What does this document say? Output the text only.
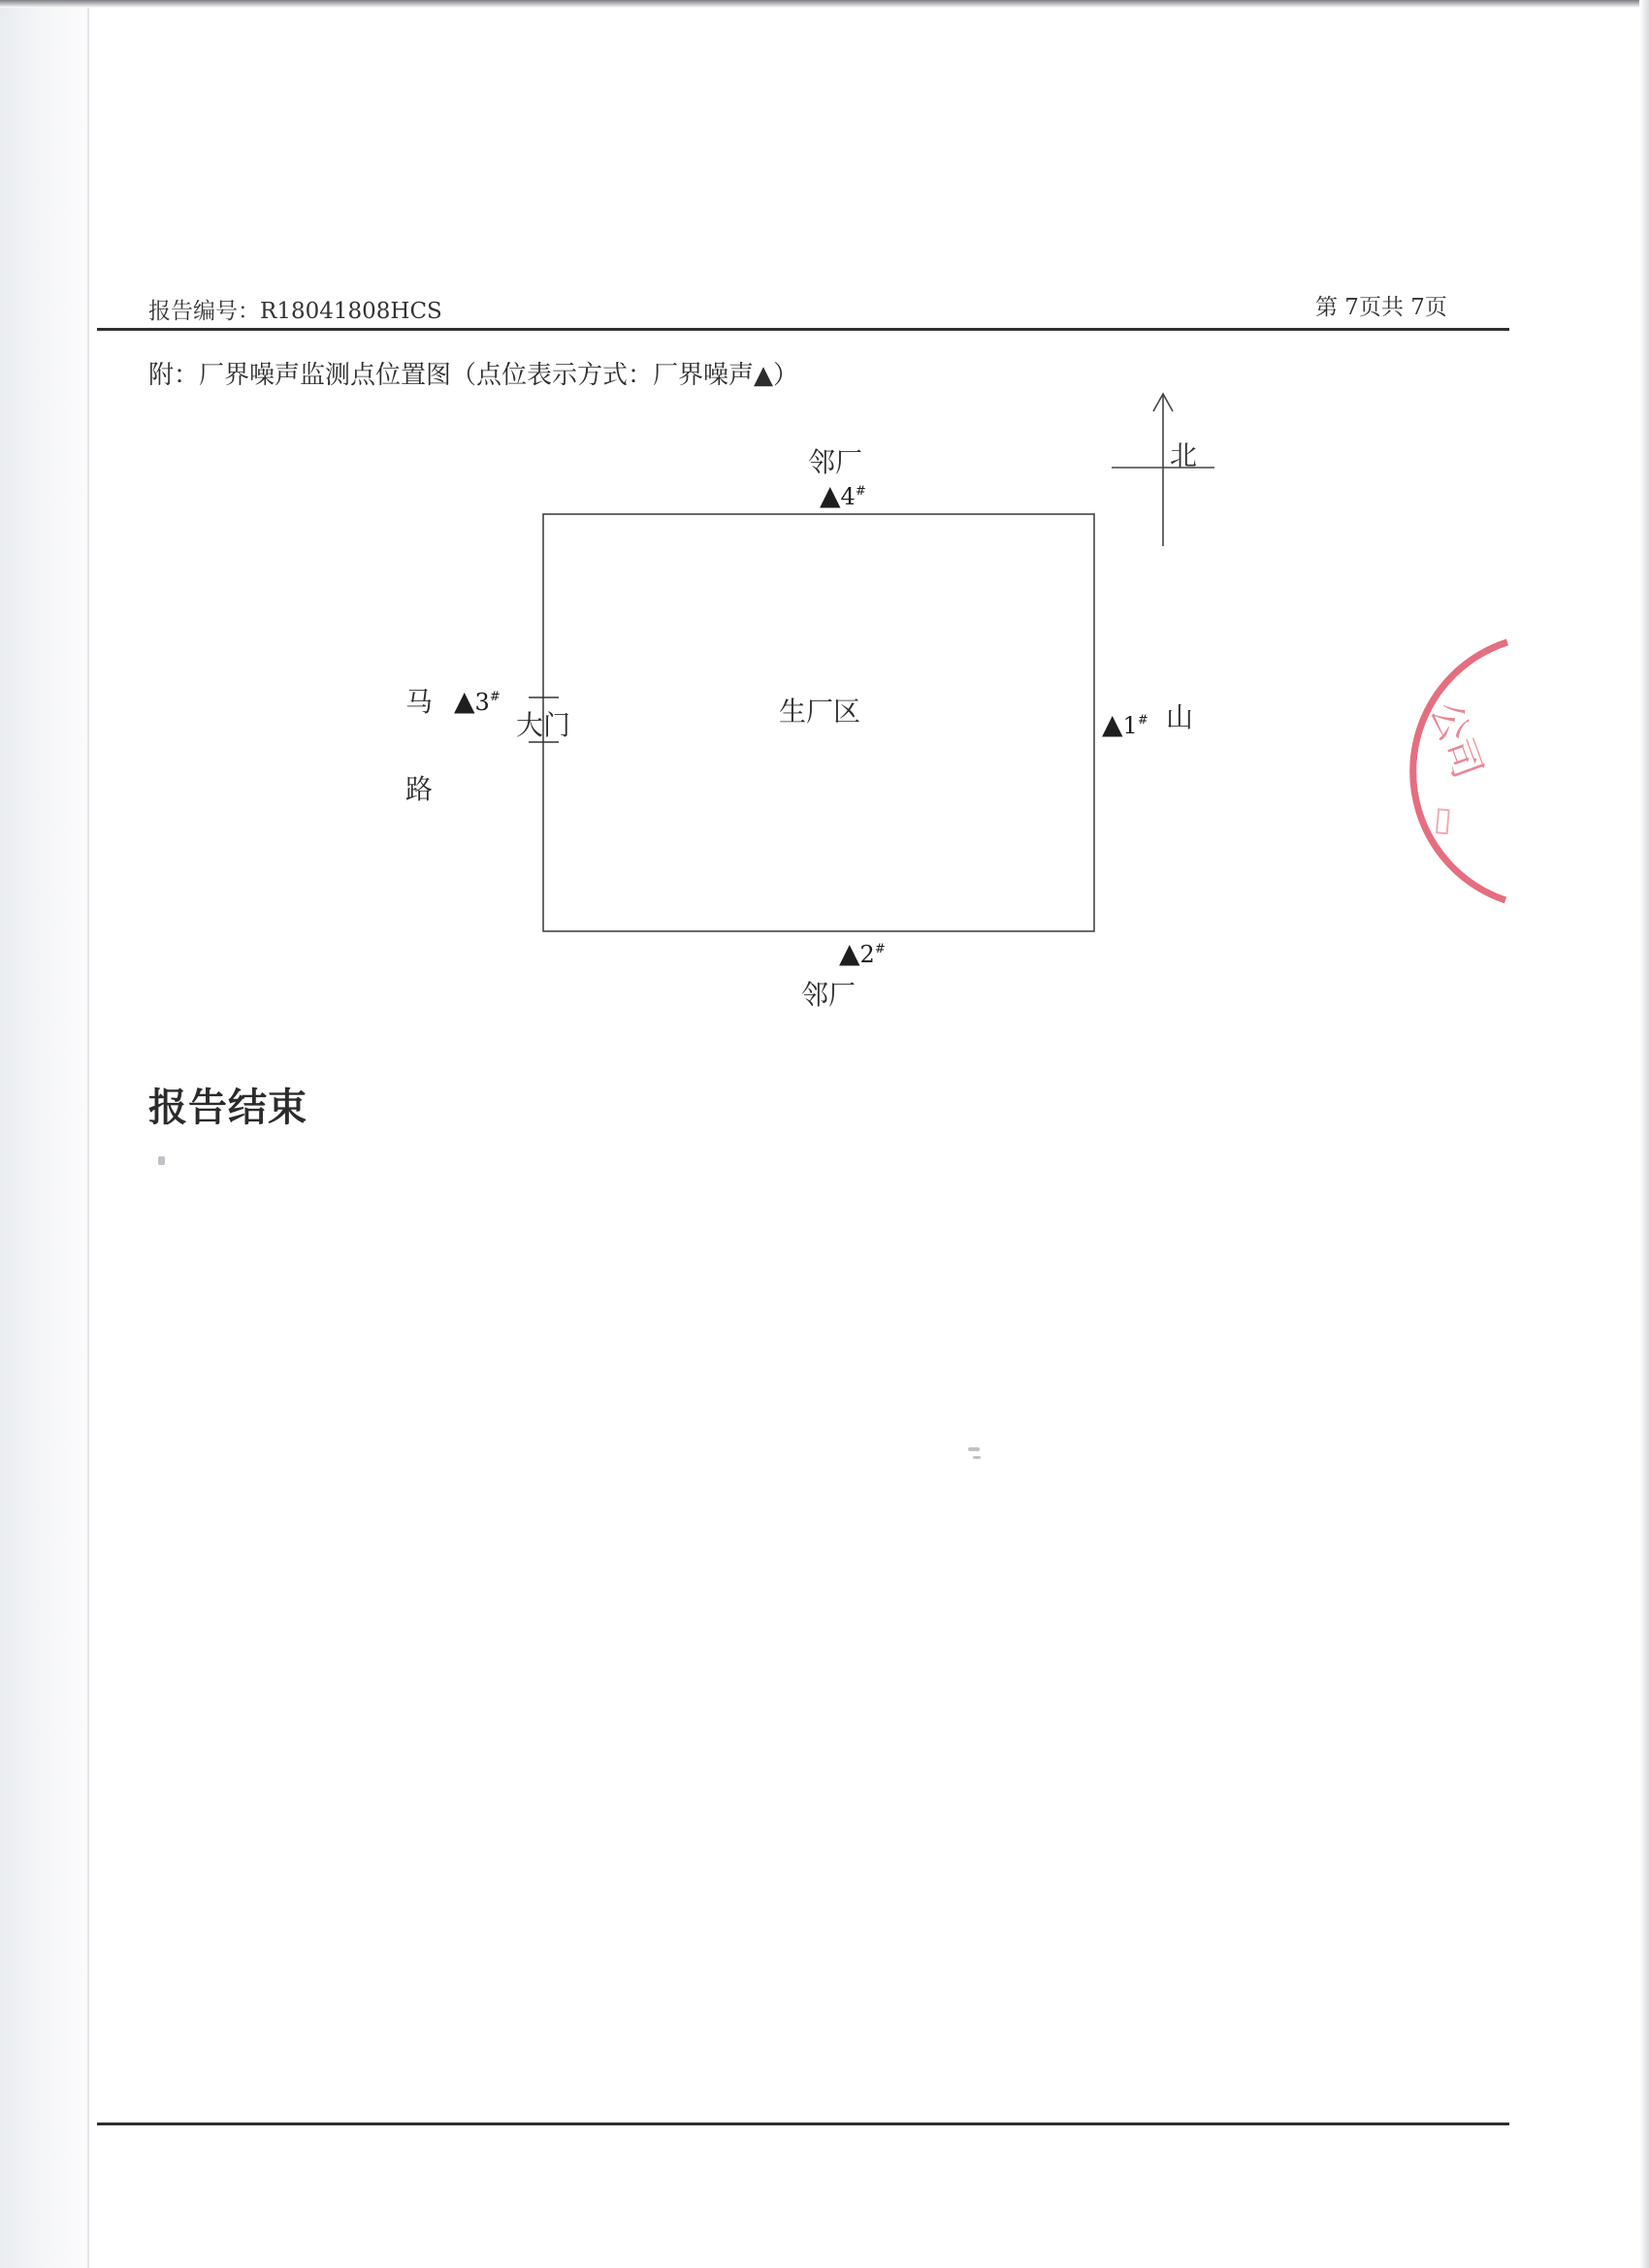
报告编号：R18041808HCS	第 7页共 7页
附：厂界噪声监测点位置图（点位表示方式：厂界噪声▲）
北
邻厂
▲4#
生厂区
大门
马
路
▲3#
▲1# 山
▲2#
邻厂
公司
▭
报告结束
